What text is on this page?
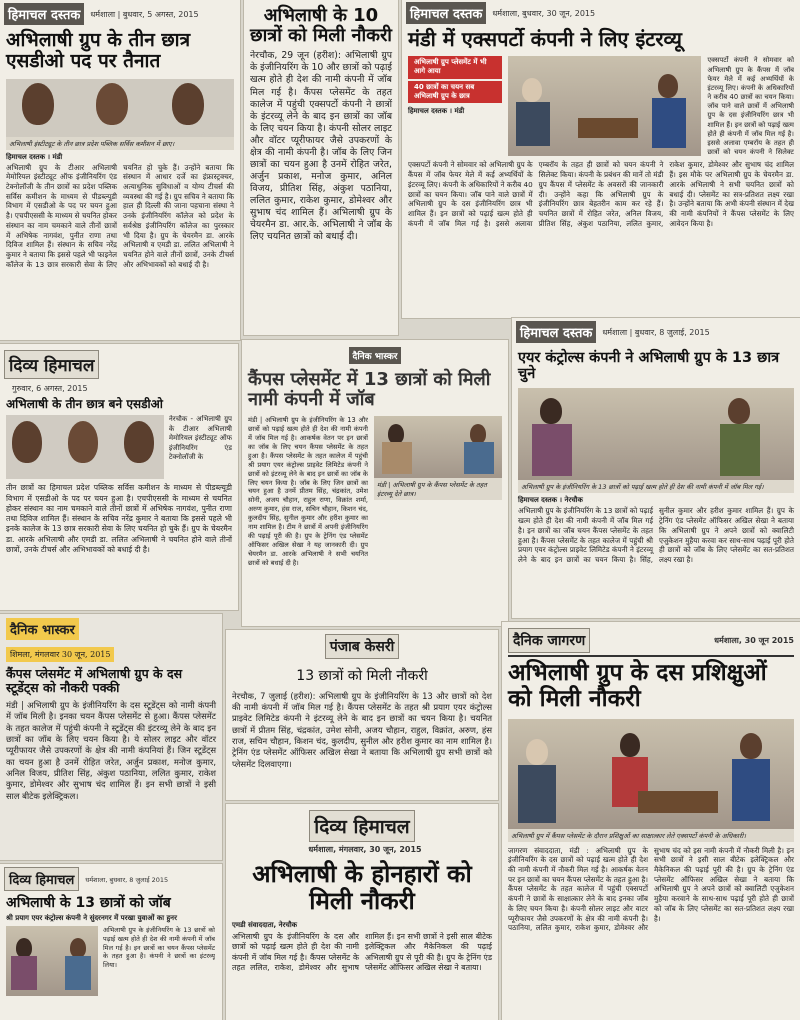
हिमाचल दस्तक	धर्मशाला | बुधवार, 5 अगस्त, 2015
अभिलाषी ग्रुप के तीन छात्र एसडीओ पद पर तैनात
अभिलाषी इंस्टीट्यूट के तीन छात्र प्रदेश पब्लिक सर्विस कमीशन में छाए।
हिमाचल दस्तक । मंडी
अभिलाषी ग्रुप के टीआर अभिलाषी मेमोरियल इंस्टीट्यूट ऑफ इंजीनियरिंग एंड टेक्नोलॉजी के तीन छात्रों का प्रदेश पब्लिक सर्विस कमीशन के माध्यम से पीडब्ल्यूडी विभाग में एसडीओ के पद पर चयन हुआ है। एचपीएससी के माध्यम से चयनित होकर संस्थान का नाम चमकाने वाले तीनों छात्रों में अभिषेक नागवंश, पुनीत राणा तथा दिविज शामिल हैं। संस्थान के सचिव नरेंद्र कुमार ने बताया कि इससे पहले भी फाइनेल कॉलेज के 13 छात्र सरकारी सेवा के लिए चयनित हो चुके हैं। उन्होंने बताया कि संस्थान में आधार दर्जे का इंफ्रास्ट्रक्चर, अत्याधुनिक सुविधाओं व योग्य टीचर्स की व्यवस्था की गई है। ग्रुप सचिव ने बताया कि हाल ही दिल्ली की जाना पहचाना संस्था ने उनके इंजीनियरिंग कॉलेज को प्रदेश के सर्वश्रेष्ठ इंजीनियरिंग कॉलेज का पुरस्कार भी दिया है। ग्रुप के चेयरमैन डा. आरके अभिलाषी व एमडी डा. ललित अभिलाषी ने चयनित होने वाले तीनों छात्रों, उनके टीचर्स और अभिभावकों को बधाई दी है।
अभिलाषी के 10 छात्रों को मिली नौकरी
नेरचौक, 29 जून (हरीश): अभिलाषी ग्रुप के इंजीनियरिंग के 10 और छात्रों को पढ़ाई खत्म होते ही देश की नामी कंपनी में जॉब मिल गई है। कैंपस प्लेसमेंट के तहत कालेज में पहुंची एक्सपर्टो कंपनी ने छात्रों के इंटरव्यू लेने के बाद इन छात्रों का जॉब के लिए चयन किया है। कंपनी सोलर लाइट और वॉटर प्यूरीफायर जैसे उपकरणों के क्षेत्र की नामी कंपनी है। जॉब के लिए जिन छात्रों का चयन हुआ है उनमें रोहित जरेत, अर्जुन प्रकाश, मनोज कुमार, अनिल विजय, प्रीतिश सिंह, अंकुश पठानिया, ललित कुमार, राकेश कुमार, डोमेश्वर और सुभाष चंद शामिल हैं। अभिलाषी ग्रुप के चेयरमैन डा. आर.के. अभिलाषी ने जॉब के लिए चयनित छात्रों को बधाई दी।
हिमाचल दस्तक	धर्मशाला, बुधवार, 30 जून, 2015
मंडी में एक्सपर्टो कंपनी ने लिए इंटरव्यू
अभिलाषी ग्रुप प्लेसमेंट में भी आगे आया
40 छात्रों का चयन सब अभिलाषी ग्रुप के छात्र
हिमाचल दस्तक । मंडी
एक्सपर्टो कंपनी ने सोमवार को अभिलाषी ग्रुप के कैंपस में जॉब फेयर मेले में कई अभ्यर्थियों के इंटरव्यू लिए। कंपनी के अधिकारियों ने करीब 40 छात्रों का चयन किया। जॉब पाने वाले छात्रों में अभिलाषी ग्रुप के दस इंजीनियरिंग छात्र भी शामिल हैं। इन छात्रों को पढ़ाई खत्म होते ही कंपनी में जॉब मिल गई है। इससे अलावा एम्बरॉय के तहत ही छात्रों को चयन कंपनी ने सिलेक्ट
एक्सपर्टो कंपनी ने सोमवार को अभिलाषी ग्रुप के कैंपस में जॉब फेयर मेले में कई अभ्यर्थियों के इंटरव्यू लिए। कंपनी के अधिकारियों ने करीब 40 छात्रों का चयन किया। जॉब पाने वाले छात्रों में अभिलाषी ग्रुप के दस इंजीनियरिंग छात्र भी शामिल हैं। इन छात्रों को पढ़ाई खत्म होते ही कंपनी में जॉब मिल गई है। इससे अलावा एम्बरॉय के तहत ही छात्रों को चयन कंपनी ने सिलेक्ट किया। कंपनी के प्रबंधन की मानें तो मंडी ग्रुप कैंपस में प्लेसमेंट के अवसरों की जानकारी दी। उन्होंने कहा कि अभिलाषी ग्रुप के इंजीनियरिंग छात्र बेहतरीन काम कर रहे हैं। चयनित छात्रों में रोहित जरेत, अनिल विजय, प्रीतिश सिंह, अंकुश पठानिया, ललित कुमार, राकेश कुमार, डोमेश्वर और सुभाष चंद शामिल हैं। इस मौके पर अभिलाषी ग्रुप के चेयरमैन डा. आरके अभिलाषी ने सभी चयनित छात्रों को बधाई दी। प्लेसमेंट का सत्र-प्रतिशत लक्ष्य रखा है। उन्होंने बताया कि अभी कंपनी संस्थान में देख की नामी कंपनियों ने कैंपस प्लेसमेंट के लिए आवेदन किया है।
दिव्य हिमाचल
गुरुवार, 6 अगस्त, 2015
अभिलाषी के तीन छात्र बने एसडीओ
नेरचौक - अभिलाषी ग्रुप के टीआर अभिलाषी मेमोरियल इंस्टीट्यूट ऑफ इंजीनियरिंग एंड टेक्नोलॉजी के
तीन छात्रों का हिमाचल प्रदेश पब्लिक सर्विस कमीशन के माध्यम से पीडब्ल्यूडी विभाग में एसडीओ के पद पर चयन हुआ है। एचपीएससी के माध्यम से चयनित होकर संस्थान का नाम चमकाने वाले तीनों छात्रों में अभिषेक नागवंश, पुनीत राणा तथा दिविज शामिल हैं। संस्थान के सचिव नरेंद्र कुमार ने बताया कि इससे पहले भी इनके कालेज के 13 छात्र सरकारी सेवा के लिए चयनित हो चुके हैं। ग्रुप के चेयरमैन डा. आरके अभिलाषी और एमडी डा. ललित अभिलाषी ने चयनित होने वाले तीनों छात्रों, उनके टीचर्स और अभिभावकों को बधाई दी है।
दैनिक भास्कर
कैंपस प्लेसमेंट में 13 छात्रों को मिली नामी कंपनी में जॉब
मंडी | अभिलाषी ग्रुप के इंजीनियरिंग के 13 और छात्रों को पढ़ाई खत्म होते ही देश की नामी कंपनी में जॉब मिल गई है। आकर्षक वेतन पर इन छात्रों का जॉब के लिए चयन कैंपस प्लेसमेंट के तहत हुआ है। कैंपस प्लेसमेंट के तहत कालेज में पहुंची श्री प्रयाग एयर कंट्रोल्स प्राइवेट लिमिटेड कंपनी ने छात्रों को इंटरव्यू लेने के बाद इन छात्रों का जॉब के लिए चयन किया है। जॉब के लिए जिन छात्रों का चयन हुआ है उनमें प्रीतम सिंह, चंद्रकांत, उमेश सोनी, अजय चौहान, राहुल राणा, विक्रांत शर्मा, अरुण कुमार, हंस राज, सचिन चौहान, किशन चंद, कुलदीप सिंह, सुनील कुमार और हरीश कुमार का नाम शामिल है। टीम ने छात्रों में अपनी इंजीनियरिंग की पढ़ाई पूरी की है। ग्रुप के ट्रेनिंग एंड प्लेसमेंट ऑफिसर अखिल सेखा ने यह जानकारी दी। ग्रुप चेयरमैन डा. आरके अभिलाषी ने सभी चयनित छात्रों को बधाई दी है।
मंडी | अभिलाषी ग्रुप के कैंपस प्लेसमेंट के तहत इंटरव्यू देते छात्र।
हिमाचल दस्तक	धर्मशाला | बुधवार, 8 जुलाई, 2015
एयर कंट्रोल्स कंपनी ने अभिलाषी ग्रुप के 13 छात्र चुने
अभिलाषी ग्रुप के इंजीनियरिंग के 13 छात्रों को पढ़ाई खत्म होते ही देश की नामी कंपनी में जॉब मिल गई।
हिमाचल दस्तक । नेरचौक
अभिलाषी ग्रुप के इंजीनियरिंग के 13 छात्रों को पढ़ाई खत्म होते ही देश की नामी कंपनी में जॉब मिल गई है। इन छात्रों का जॉब चयन कैंपस प्लेसमेंट के तहत हुआ है। कैंपस प्लेसमेंट के तहत कालेज में पहुंची श्री प्रयाग एयर कंट्रोल्स प्राइवेट लिमिटेड कंपनी ने इंटरव्यू लेने के बाद इन छात्रों का चयन किया है। सिंह, सुनील कुमार और हरीश कुमार शामिल हैं। ग्रुप के ट्रेनिंग एंड प्लेसमेंट ऑफिसर अखिल सेखा ने बताया कि अभिलाषी ग्रुप ने अपने छात्रों को क्वालिटी एजुकेशन मुहैया करवा कर साथ-साथ पढ़ाई पूरी होते ही छात्रों को जॉब के लिए प्लेसमेंट का सत-प्रतिशत लक्ष्य रखा है।
दैनिक भास्कर
शिमला, मंगलवार 30 जून, 2015
कैंपस प्लेसमेंट में अभिलाषी ग्रुप के दस स्टूडेंट्स को नौकरी पक्की
मंडी | अभिलाषी ग्रुप के इंजीनियरिंग के दस स्टूडेंट्स को नामी कंपनी में जॉब मिली है। इनका चयन कैंपस प्लेसमेंट से हुआ। कैंपस प्लेसमेंट के तहत कालेज में पहुंची कंपनी ने स्टूडेंट्स की इंटरव्यू लेने के बाद इन छात्रों का जॉब के लिए चयन किया है। ये सोलर लाइट और वॉटर प्यूरीफायर जैसे उपकरणों के क्षेत्र की नामी कंपनियां हैं। जिन स्टूडेंट्स का चयन हुआ है उनमें रोहित जरेत, अर्जुन प्रकाश, मनोज कुमार, अनिल विजय, प्रीतिश सिंह, अंकुश पठानिया, ललित कुमार, राकेश कुमार, डोमेश्वर और सुभाष चंद शामिल हैं। इन सभी छात्रों ने इसी साल बीटेक इलेक्ट्रिकल।
पंजाब केसरी
13 छात्रों को मिली नौकरी
नेरचौक, 7 जुलाई (हरीश): अभिलाषी ग्रुप के इंजीनियरिंग के 13 और छात्रों को देश की नामी कंपनी में जॉब मिल गई है। कैंपस प्लेसमेंट के तहत श्री प्रयाग एयर कंट्रोल्स प्राइवेट लिमिटेड कंपनी ने इंटरव्यू लेने के बाद इन छात्रों का चयन किया है। चयनित छात्रों में प्रीतम सिंह, चंद्रकांत, उमेश सोनी, अजय चौहान, राहुल, विक्रांत, अरुण, हंस राज, सचिन चौहान, किशन चंद, कुलदीप, सुनील और हरीश कुमार का नाम शामिल है। ट्रेनिंग एंड प्लेसमेंट ऑफिसर अखिल सेखा ने बताया कि अभिलाषी ग्रुप सभी छात्रों को प्लेसमेंट दिलवाएगा।
दैनिक जागरण	धर्मशाला, 30 जून 2015
अभिलाषी ग्रुप के दस प्रशिक्षुओं को मिली नौकरी
अभिलाषी ग्रुप में कैंपस प्लेसमेंट के दौरान प्रशिक्षुओं का साक्षात्कार लेते एक्सपर्टो कंपनी के अधिकारी।
जागरण संवाददाता, मंडी : अभिलाषी ग्रुप के इंजीनियरिंग के दस छात्रों को पढ़ाई खत्म होते ही देश की नामी कंपनी में नौकरी मिल गई है। आकर्षक वेतन पर इन छात्रों का चयन कैंपस प्लेसमेंट के तहत हुआ है। कैंपस प्लेसमेंट के तहत कालेज में पहुंची एक्सपर्टो कंपनी ने छात्रों के साक्षात्कार लेने के बाद इनका जॉब के लिए चयन किया है। कंपनी सोलर लाइट और वाटर प्यूरीफायर जैसे उपकरणों के क्षेत्र की नामी कंपनी है। पठानिया, ललित कुमार, राकेश कुमार, डोमेश्वर और सुभाष चंद को इस नामी कंपनी में नौकरी मिली है। इन सभी छात्रों ने इसी साल बीटेक इलेक्ट्रिकल और मैकेनिकल की पढ़ाई पूरी की है। ग्रुप के ट्रेनिंग एंड प्लेसमेंट ऑफिसर अखिल सेखा ने बताया कि अभिलाषी ग्रुप ने अपने छात्रों को क्वालिटी एजुकेशन मुहैया करवाने के साथ-साथ पढ़ाई पूरी होते ही छात्रों को जॉब के लिए प्लेसमेंट का सत-प्रतिशत लक्ष्य रखा है।
दिव्य हिमाचल
धर्मशाला, मंगलवार, 30 जून, 2015
अभिलाषी के होनहारों को मिली नौकरी
एमडी संवाददाता, नेरचौक
अभिलाषी ग्रुप के इंजीनियरिंग के दस और छात्रों को पढ़ाई खत्म होते ही देश की नामी कंपनी में जॉब मिल गई है। कैंपस प्लेसमेंट के तहत ललित, राकेश, डोमेश्वर और सुभाष शामिल हैं। इन सभी छात्रों ने इसी साल बीटेक इलेक्ट्रिकल और मैकेनिकल की पढ़ाई अभिलाषी ग्रुप से पूरी की है। ग्रुप के ट्रेनिंग एंड प्लेसमेंट ऑफिसर अखिल सेखा ने बताया।
दिव्य हिमाचल	धर्मशाला, बुधवार, 8 जुलाई 2015
अभिलाषी के 13 छात्रों को जॉब
श्री प्रयाग एयर कंट्रोल्स कंपनी ने सुंदरनगर में परखा युवाओं का हुनर
अभिलाषी ग्रुप के इंजीनियरिंग के 13 छात्रों को पढ़ाई खत्म होते ही देश की नामी कंपनी में जॉब मिल गई है। इन छात्रों का चयन कैंपस प्लेसमेंट के तहत हुआ है। कंपनी ने छात्रों का इंटरव्यू लिया।
